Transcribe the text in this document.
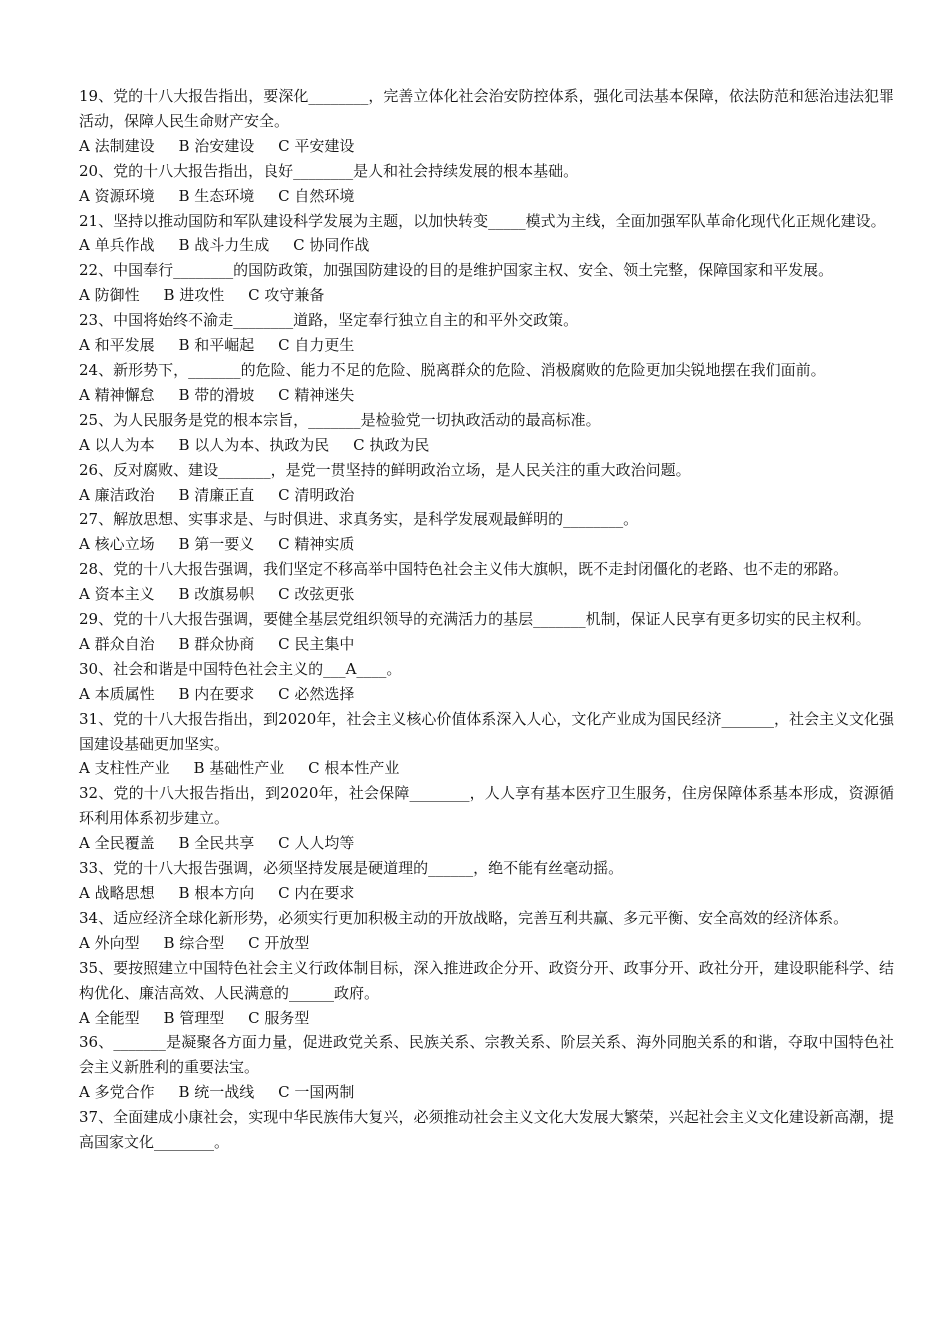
19、党的十八大报告指出，要深化________，完善立体化社会治安防控体系，强化司法基本保障，依法防范和惩治违法犯罪活动，保障人民生命财产安全。
A 法制建设     B 治安建设     C 平安建设
20、党的十八大报告指出，良好________是人和社会持续发展的根本基础。
A 资源环境     B 生态环境     C 自然环境
21、坚持以推动国防和军队建设科学发展为主题，以加快转变_____模式为主线，全面加强军队革命化现代化正规化建设。
A 单兵作战     B 战斗力生成     C 协同作战
22、中国奉行________的国防政策，加强国防建设的目的是维护国家主权、安全、领土完整，保障国家和平发展。
A 防御性     B 进攻性     C 攻守兼备
23、中国将始终不渝走________道路，坚定奉行独立自主的和平外交政策。
A 和平发展     B 和平崛起     C 自力更生
24、新形势下，_______的危险、能力不足的危险、脱离群众的危险、消极腐败的危险更加尖锐地摆在我们面前。
A 精神懈怠     B 带的滑坡     C 精神迷失
25、为人民服务是党的根本宗旨，_______是检验党一切执政活动的最高标准。
A 以人为本     B 以人为本、执政为民     C 执政为民
26、反对腐败、建设_______，是党一贯坚持的鲜明政治立场，是人民关注的重大政治问题。
A 廉洁政治     B 清廉正直     C 清明政治
27、解放思想、实事求是、与时俱进、求真务实，是科学发展观最鲜明的________。
A 核心立场     B 第一要义     C 精神实质
28、党的十八大报告强调，我们坚定不移高举中国特色社会主义伟大旗帜，既不走封闭僵化的老路、也不走的邪路。
A 资本主义     B 改旗易帜     C 改弦更张
29、党的十八大报告强调，要健全基层党组织领导的充满活力的基层_______机制，保证人民享有更多切实的民主权利。
A 群众自治     B 群众协商     C 民主集中
30、社会和谐是中国特色社会主义的___A____。
A 本质属性     B 内在要求     C 必然选择
31、党的十八大报告指出，到2020年，社会主义核心价值体系深入人心，文化产业成为国民经济_______，社会主义文化强国建设基础更加坚实。
A 支柱性产业     B 基础性产业     C 根本性产业
32、党的十八大报告指出，到2020年，社会保障________，人人享有基本医疗卫生服务，住房保障体系基本形成，资源循环利用体系初步建立。
A 全民覆盖     B 全民共享     C 人人均等
33、党的十八大报告强调，必须坚持发展是硬道理的______，绝不能有丝毫动摇。
A 战略思想     B 根本方向     C 内在要求
34、适应经济全球化新形势，必须实行更加积极主动的开放战略，完善互利共赢、多元平衡、安全高效的经济体系。
A 外向型     B 综合型     C 开放型
35、要按照建立中国特色社会主义行政体制目标，深入推进政企分开、政资分开、政事分开、政社分开，建设职能科学、结构优化、廉洁高效、人民满意的______政府。
A 全能型     B 管理型     C 服务型
36、_______是凝聚各方面力量，促进政党关系、民族关系、宗教关系、阶层关系、海外同胞关系的和谐，夺取中国特色社会主义新胜利的重要法宝。
A 多党合作     B 统一战线     C 一国两制
37、全面建成小康社会，实现中华民族伟大复兴，必须推动社会主义文化大发展大繁荣，兴起社会主义文化建设新高潮，提高国家文化________。
